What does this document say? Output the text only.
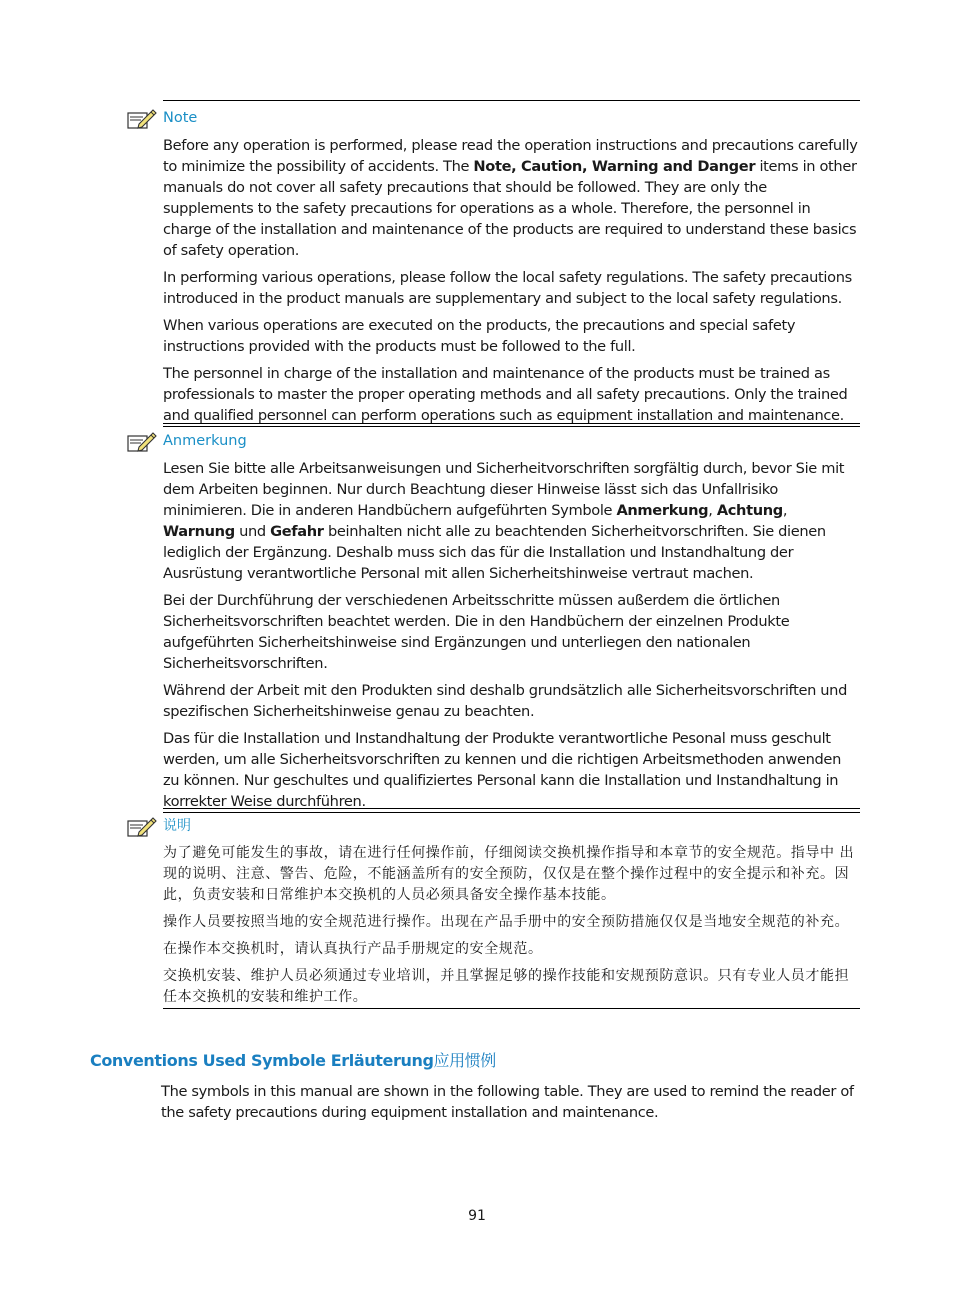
Note

Before any operation is performed, please read the operation instructions and precautions carefully to minimize the possibility of accidents. The Note, Caution, Warning and Danger items in other manuals do not cover all safety precautions that should be followed. They are only the supplements to the safety precautions for operations as a whole. Therefore, the personnel in charge of the installation and maintenance of the products are required to understand these basics of safety operation.

In performing various operations, please follow the local safety regulations. The safety precautions introduced in the product manuals are supplementary and subject to the local safety regulations.

When various operations are executed on the products, the precautions and special safety instructions provided with the products must be followed to the full.

The personnel in charge of the installation and maintenance of the products must be trained as professionals to master the proper operating methods and all safety precautions. Only the trained and qualified personnel can perform operations such as equipment installation and maintenance.

Anmerkung

Lesen Sie bitte alle Arbeitsanweisungen und Sicherheitvorschriften sorgfältig durch, bevor Sie mit dem Arbeiten beginnen. Nur durch Beachtung dieser Hinweise lässt sich das Unfallrisiko minimieren. Die in anderen Handbüchern aufgeführten Symbole Anmerkung, Achtung, Warnung und Gefahr beinhalten nicht alle zu beachtenden Sicherheitvorschriften. Sie dienen lediglich der Ergänzung. Deshalb muss sich das für die Installation und Instandhaltung der Ausrüstung verantwortliche Personal mit allen Sicherheitshinweise vertraut machen.

Bei der Durchführung der verschiedenen Arbeitsschritte müssen außerdem die örtlichen Sicherheitsvorschriften beachtet werden. Die in den Handbüchern der einzelnen Produkte aufgeführten Sicherheitshinweise sind Ergänzungen und unterliegen den nationalen Sicherheitsvorschriften.

Während der Arbeit mit den Produkten sind deshalb grundsätzlich alle Sicherheitsvorschriften und spezifischen Sicherheitshinweise genau zu beachten.

Das für die Installation und Instandhaltung der Produkte verantwortliche Pesonal muss geschult werden, um alle Sicherheitsvorschriften zu kennen und die richtigen Arbeitsmethoden anwenden zu können. Nur geschultes und qualifiziertes Personal kann die Installation und Instandhaltung in korrekter Weise durchführen.

说明

为了避免可能发生的事故，请在进行任何操作前，仔细阅读交换机操作指导和本章节的安全规范。指导中 出现的说明、注意、警告、危险，不能涵盖所有的安全预防，仅仅是在整个操作过程中的安全提示和补充。因此，负责安装和日常维护本交换机的人员必须具备安全操作基本技能。

操作人员要按照当地的安全规范进行操作。出现在产品手册中的安全预防措施仅仅是当地安全规范的补充。

在操作本交换机时，请认真执行产品手册规定的安全规范。

交换机安装、维护人员必须通过专业培训，并且掌握足够的操作技能和安规预防意识。只有专业人员才能担任本交换机的安装和维护工作。

Conventions Used Symbole Erläuterung应用惯例

The symbols in this manual are shown in the following table. They are used to remind the reader of the safety precautions during equipment installation and maintenance.

91
